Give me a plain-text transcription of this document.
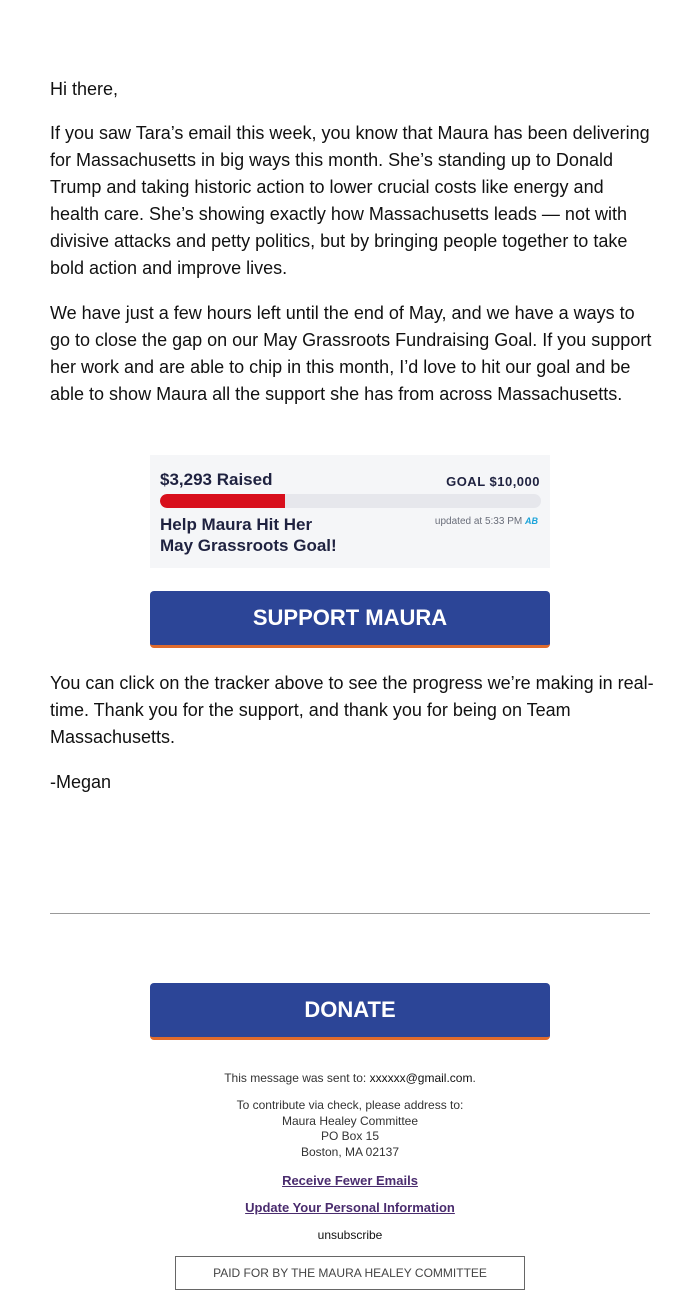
Hi there,

If you saw Tara’s email this week, you know that Maura has been delivering for Massachusetts in big ways this month. She’s standing up to Donald Trump and taking historic action to lower crucial costs like energy and health care. She’s showing exactly how Massachusetts leads — not with divisive attacks and petty politics, but by bringing people together to take bold action and improve lives.

We have just a few hours left until the end of May, and we have a ways to go to close the gap on our May Grassroots Fundraising Goal. If you support her work and are able to chip in this month, I’d love to hit our goal and be able to show Maura all the support she has from across Massachusetts.

$3,293 Raised	GOAL $10,000
Help Maura Hit Her
May Grassroots Goal!
updated at 5:33 PM AB
SUPPORT MAURA

You can click on the tracker above to see the progress we’re making in real-time. Thank you for the support, and thank you for being on Team Massachusetts.

-Megan

DONATE
This message was sent to: xxxxxx@gmail.com.
To contribute via check, please address to:
Maura Healey Committee
PO Box 15
Boston, MA 02137
Receive Fewer Emails
Update Your Personal Information
unsubscribe
PAID FOR BY THE MAURA HEALEY COMMITTEE
